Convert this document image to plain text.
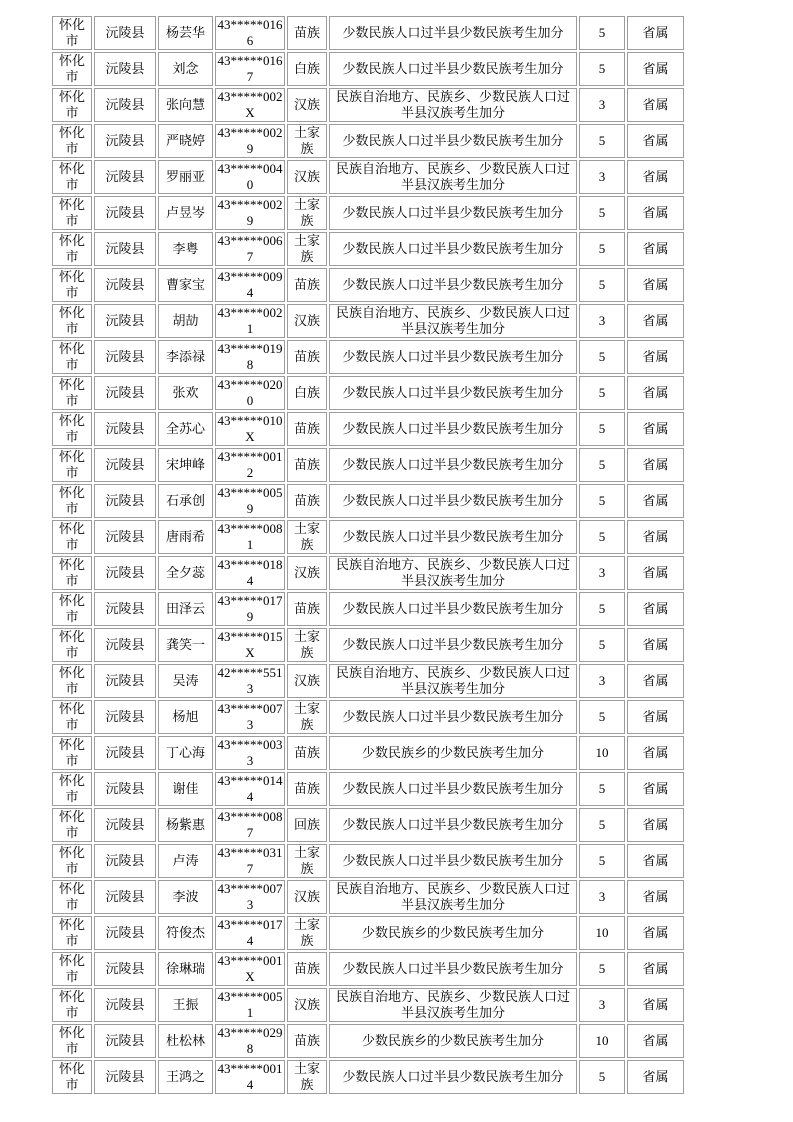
怀化市	沅陵县	杨芸华	43*****0166	苗族	少数民族人口过半县少数民族考生加分	5	省属
怀化市	沅陵县	刘念	43*****0167	白族	少数民族人口过半县少数民族考生加分	5	省属
怀化市	沅陵县	张向慧	43*****002X	汉族	民族自治地方、民族乡、少数民族人口过半县汉族考生加分	3	省属
怀化市	沅陵县	严晓婷	43*****0029	土家族	少数民族人口过半县少数民族考生加分	5	省属
怀化市	沅陵县	罗丽亚	43*****0040	汉族	民族自治地方、民族乡、少数民族人口过半县汉族考生加分	3	省属
怀化市	沅陵县	卢昱岑	43*****0029	土家族	少数民族人口过半县少数民族考生加分	5	省属
怀化市	沅陵县	李粤	43*****0067	土家族	少数民族人口过半县少数民族考生加分	5	省属
怀化市	沅陵县	曹家宝	43*****0094	苗族	少数民族人口过半县少数民族考生加分	5	省属
怀化市	沅陵县	胡劼	43*****0021	汉族	民族自治地方、民族乡、少数民族人口过半县汉族考生加分	3	省属
怀化市	沅陵县	李添禄	43*****0198	苗族	少数民族人口过半县少数民族考生加分	5	省属
怀化市	沅陵县	张欢	43*****0200	白族	少数民族人口过半县少数民族考生加分	5	省属
怀化市	沅陵县	全苏心	43*****010X	苗族	少数民族人口过半县少数民族考生加分	5	省属
怀化市	沅陵县	宋坤峰	43*****0012	苗族	少数民族人口过半县少数民族考生加分	5	省属
怀化市	沅陵县	石承创	43*****0059	苗族	少数民族人口过半县少数民族考生加分	5	省属
怀化市	沅陵县	唐雨希	43*****0081	土家族	少数民族人口过半县少数民族考生加分	5	省属
怀化市	沅陵县	全夕蕊	43*****0184	汉族	民族自治地方、民族乡、少数民族人口过半县汉族考生加分	3	省属
怀化市	沅陵县	田泽云	43*****0179	苗族	少数民族人口过半县少数民族考生加分	5	省属
怀化市	沅陵县	龚笑一	43*****015X	土家族	少数民族人口过半县少数民族考生加分	5	省属
怀化市	沅陵县	吴涛	42*****5513	汉族	民族自治地方、民族乡、少数民族人口过半县汉族考生加分	3	省属
怀化市	沅陵县	杨旭	43*****0073	土家族	少数民族人口过半县少数民族考生加分	5	省属
怀化市	沅陵县	丁心海	43*****0033	苗族	少数民族乡的少数民族考生加分	10	省属
怀化市	沅陵县	谢佳	43*****0144	苗族	少数民族人口过半县少数民族考生加分	5	省属
怀化市	沅陵县	杨紫惠	43*****0087	回族	少数民族人口过半县少数民族考生加分	5	省属
怀化市	沅陵县	卢涛	43*****0317	土家族	少数民族人口过半县少数民族考生加分	5	省属
怀化市	沅陵县	李波	43*****0073	汉族	民族自治地方、民族乡、少数民族人口过半县汉族考生加分	3	省属
怀化市	沅陵县	符俊杰	43*****0174	土家族	少数民族乡的少数民族考生加分	10	省属
怀化市	沅陵县	徐琳瑞	43*****001X	苗族	少数民族人口过半县少数民族考生加分	5	省属
怀化市	沅陵县	王振	43*****0051	汉族	民族自治地方、民族乡、少数民族人口过半县汉族考生加分	3	省属
怀化市	沅陵县	杜松林	43*****0298	苗族	少数民族乡的少数民族考生加分	10	省属
怀化市	沅陵县	王鸿之	43*****0014	土家族	少数民族人口过半县少数民族考生加分	5	省属
